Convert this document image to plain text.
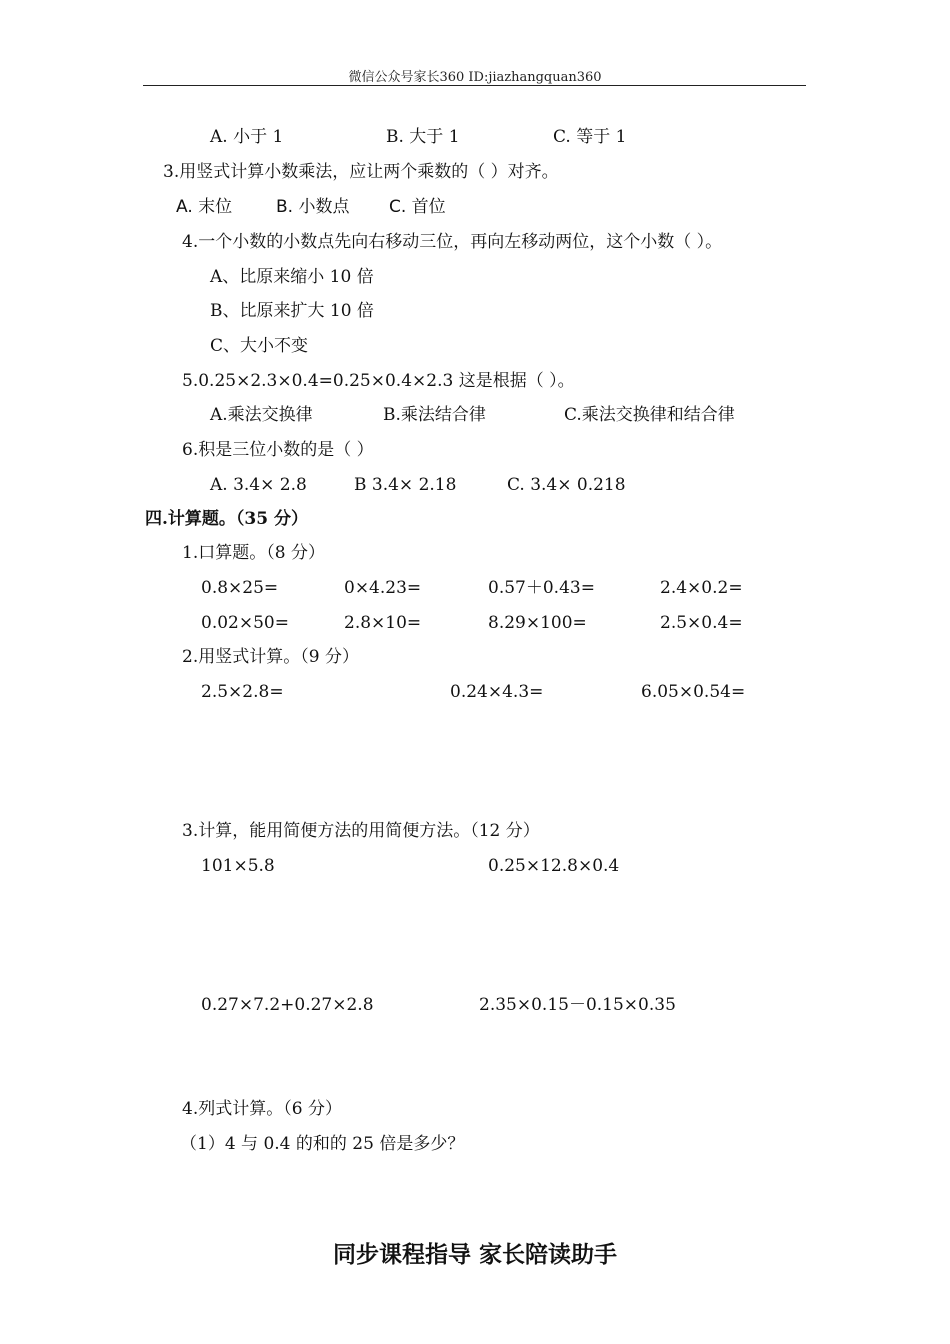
微信公众号家长360 ID:jiazhangquan360
A. 小于 1	B. 大于 1	C. 等于 1
3.用竖式计算小数乘法，应让两个乘数的（ ）对齐。
A. 末位	B. 小数点 C. 首位
4.一个小数的小数点先向右移动三位，再向左移动两位，这个小数（ ）。
A、比原来缩小 10 倍
B、比原来扩大 10 倍
C、大小不变
5.0.25×2.3×0.4=0.25×0.4×2.3 这是根据（ ）。
A.乘法交换律	B.乘法结合律	C.乘法交换律和结合律
6.积是三位小数的是（ ）
A. 3.4× 2.8	B 3.4× 2.18	C. 3.4× 0.218
四.计算题。（35 分）
1.口算题。（8 分）
0.8×25=	0×4.23=	0.57＋0.43=	2.4×0.2=
0.02×50=	2.8×10=	8.29×100=	2.5×0.4=
2.用竖式计算。（9 分）
2.5×2.8=	0.24×4.3=	6.05×0.54=
3.计算，能用简便方法的用简便方法。（12 分）
101×5.8	0.25×12.8×0.4
0.27×7.2+0.27×2.8	2.35×0.15－0.15×0.35
4.列式计算。（6 分）
（1）4 与 0.4 的和的 25 倍是多少？
同步课程指导 家长陪读助手
